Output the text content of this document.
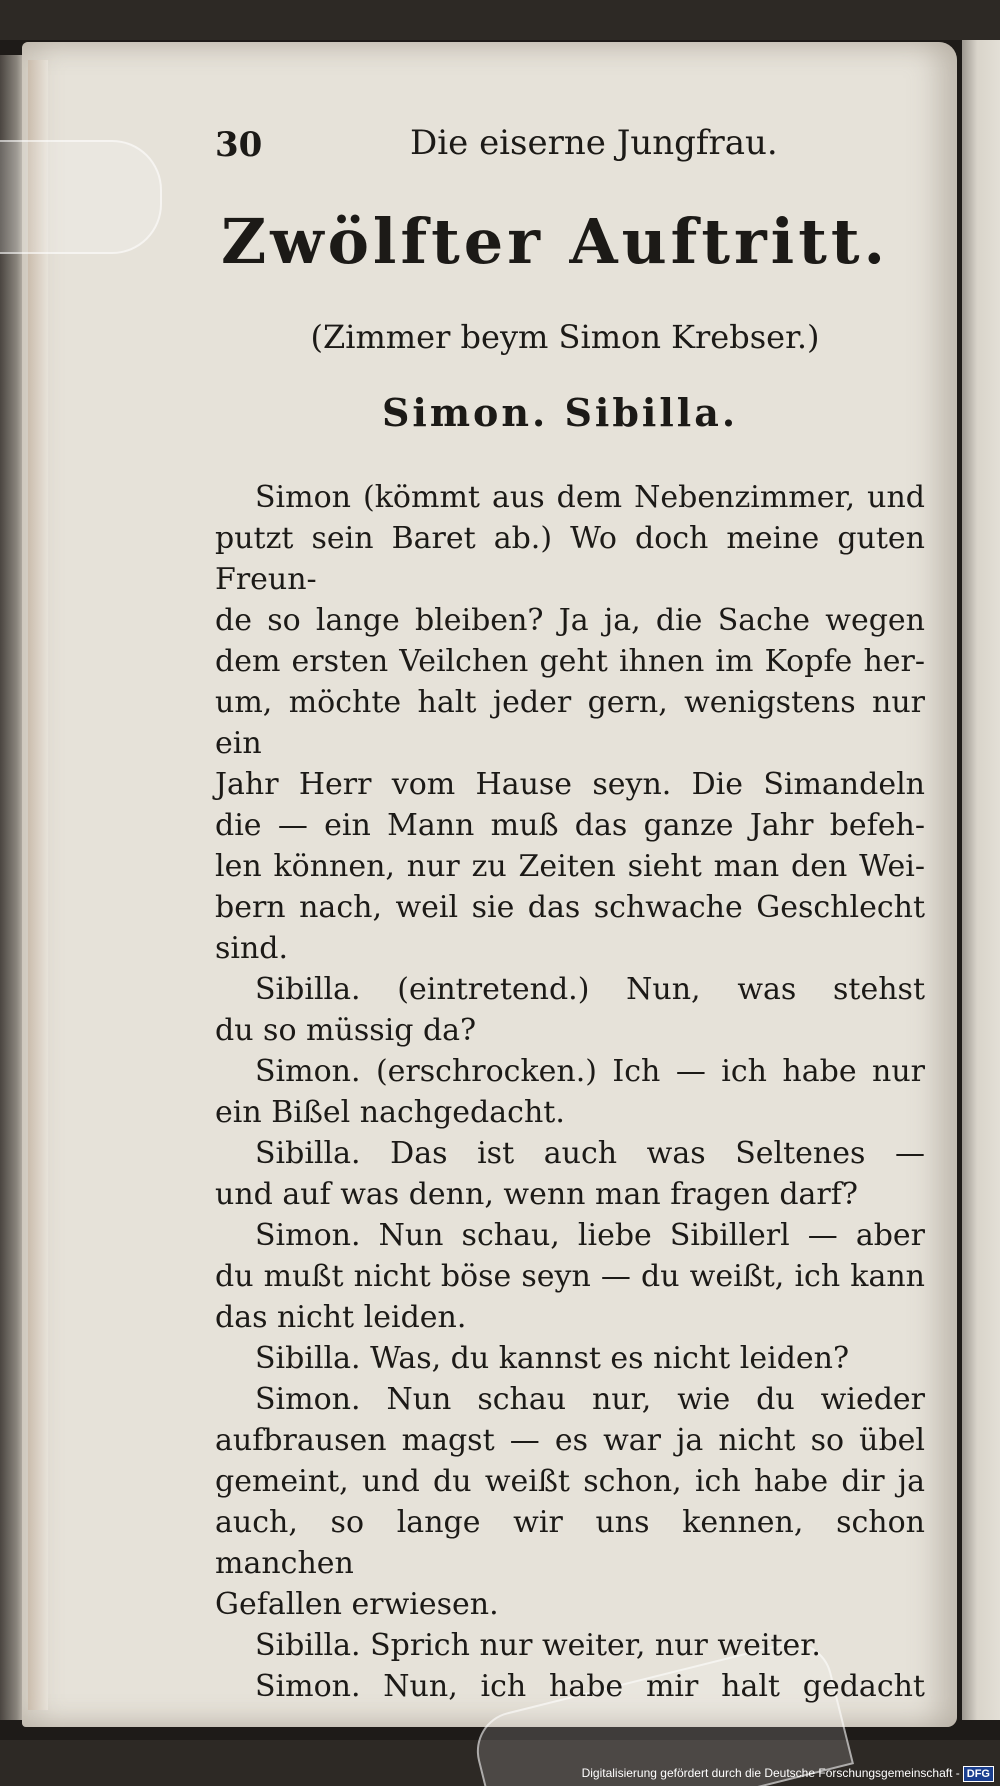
30	Die eiserne Jungfrau.
Zwölfter Auftritt.
(Zimmer beym Simon Krebser.)
Simon. Sibilla.
Simon (kömmt aus dem Nebenzimmer, und
putzt sein Baret ab.) Wo doch meine guten Freun-
de so lange bleiben? Ja ja, die Sache wegen
dem ersten Veilchen geht ihnen im Kopfe her-
um, möchte halt jeder gern, wenigstens nur ein
Jahr Herr vom Hause seyn. Die Simandeln
die — ein Mann muß das ganze Jahr befeh-
len können, nur zu Zeiten sieht man den Wei-
bern nach, weil sie das schwache Geschlecht sind.
Sibilla. (eintretend.) Nun, was stehst
du so müssig da?
Simon. (erschrocken.) Ich — ich habe nur
ein Bißel nachgedacht.
Sibilla. Das ist auch was Seltenes —
und auf was denn, wenn man fragen darf?
Simon. Nun schau, liebe Sibillerl — aber
du mußt nicht böse seyn — du weißt, ich kann
das nicht leiden.
Sibilla. Was, du kannst es nicht leiden?
Simon. Nun schau nur, wie du wieder
aufbrausen magst — es war ja nicht so übel
gemeint, und du weißt schon, ich habe dir ja
auch, so lange wir uns kennen, schon manchen
Gefallen erwiesen.
Sibilla. Sprich nur weiter, nur weiter.
Simon. Nun, ich habe mir halt gedacht
Digitalisierung gefördert durch die Deutsche Forschungsgemeinschaft - DFG
